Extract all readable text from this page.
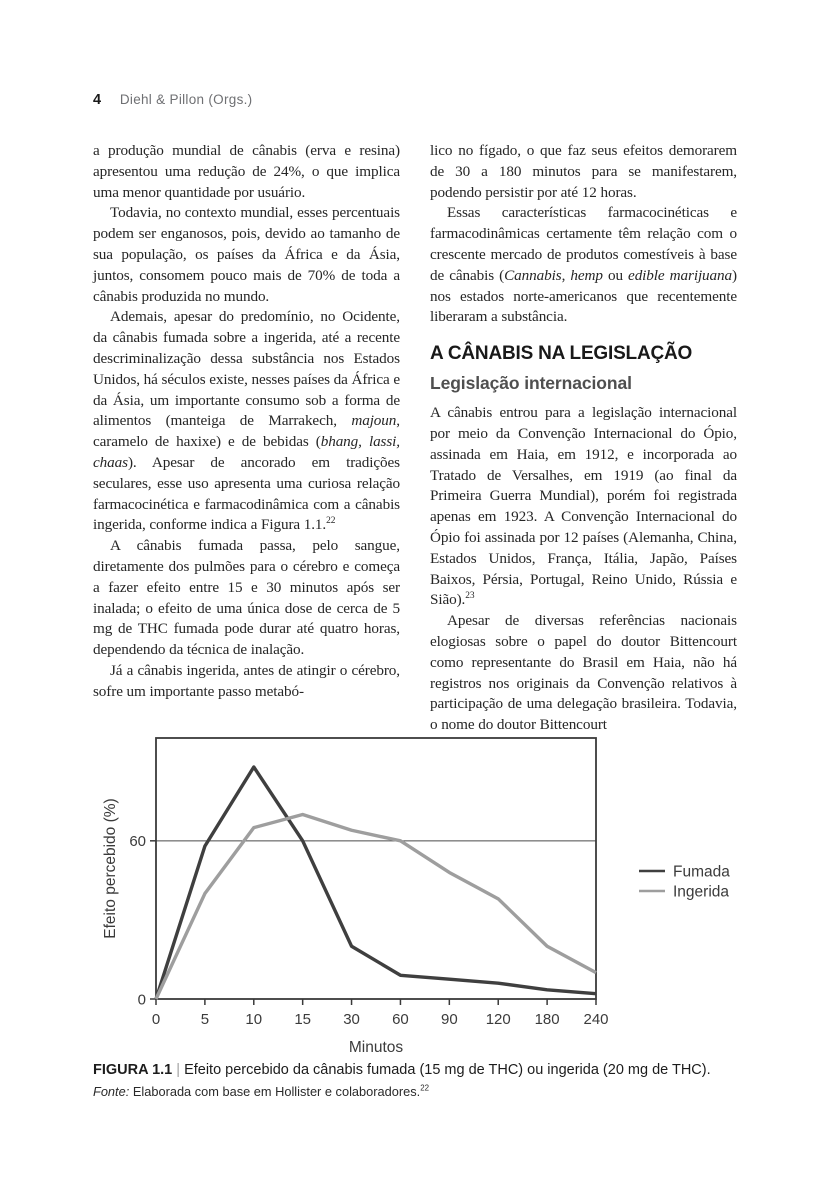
4 Diehl & Pillon (Orgs.)

a produção mundial de cânabis (erva e resina) apresentou uma redução de 24%, o que implica uma menor quantidade por usuário.

Todavia, no contexto mundial, esses percentuais podem ser enganosos, pois, devido ao tamanho de sua população, os países da África e da Ásia, juntos, consomem pouco mais de 70% de toda a cânabis produzida no mundo.

Ademais, apesar do predomínio, no Ocidente, da cânabis fumada sobre a ingerida, até a recente descriminalização dessa substância nos Estados Unidos, há séculos existe, nesses países da África e da Ásia, um importante consumo sob a forma de alimentos (manteiga de Marrakech, majoun, caramelo de haxixe) e de bebidas (bhang, lassi, chaas). Apesar de ancorado em tradições seculares, esse uso apresenta uma curiosa relação farmacocinética e farmacodinâmica com a cânabis ingerida, conforme indica a Figura 1.1.22

A cânabis fumada passa, pelo sangue, diretamente dos pulmões para o cérebro e começa a fazer efeito entre 15 e 30 minutos após ser inalada; o efeito de uma única dose de cerca de 5 mg de THC fumada pode durar até quatro horas, dependendo da técnica de inalação.

Já a cânabis ingerida, antes de atingir o cérebro, sofre um importante passo metabó-

lico no fígado, o que faz seus efeitos demorarem de 30 a 180 minutos para se manifestarem, podendo persistir por até 12 horas.

Essas características farmacocinéticas e farmacodinâmicas certamente têm relação com o crescente mercado de produtos comestíveis à base de cânabis (Cannabis, hemp ou edible marijuana) nos estados norte-americanos que recentemente liberaram a substância.

A CÂNABIS NA LEGISLAÇÃO
Legislação internacional

A cânabis entrou para a legislação internacional por meio da Convenção Internacional do Ópio, assinada em Haia, em 1912, e incorporada ao Tratado de Versalhes, em 1919 (ao final da Primeira Guerra Mundial), porém foi registrada apenas em 1923. A Convenção Internacional do Ópio foi assinada por 12 países (Alemanha, China, Estados Unidos, França, Itália, Japão, Países Baixos, Pérsia, Portugal, Reino Unido, Rússia e Sião).$^{23}$

Apesar de diversas referências nacionais elogiosas sobre o papel do doutor Bittencourt como representante do Brasil em Haia, não há registros nos originais da Convenção relativos à participação de uma delegação brasileira. Todavia, o nome do doutor Bittencourt

0
60
0	5 10 15 30 60 90 120 180 240
Fumada
Ingerida
Minutos
Efeito percebido (%)

FIGURA 1.1 | Efeito percebido da cânabis fumada (15 mg de THC) ou ingerida (20 mg de THC).

Fonte: Elaborada com base em Hollister e colaboradores.$^{22}$
